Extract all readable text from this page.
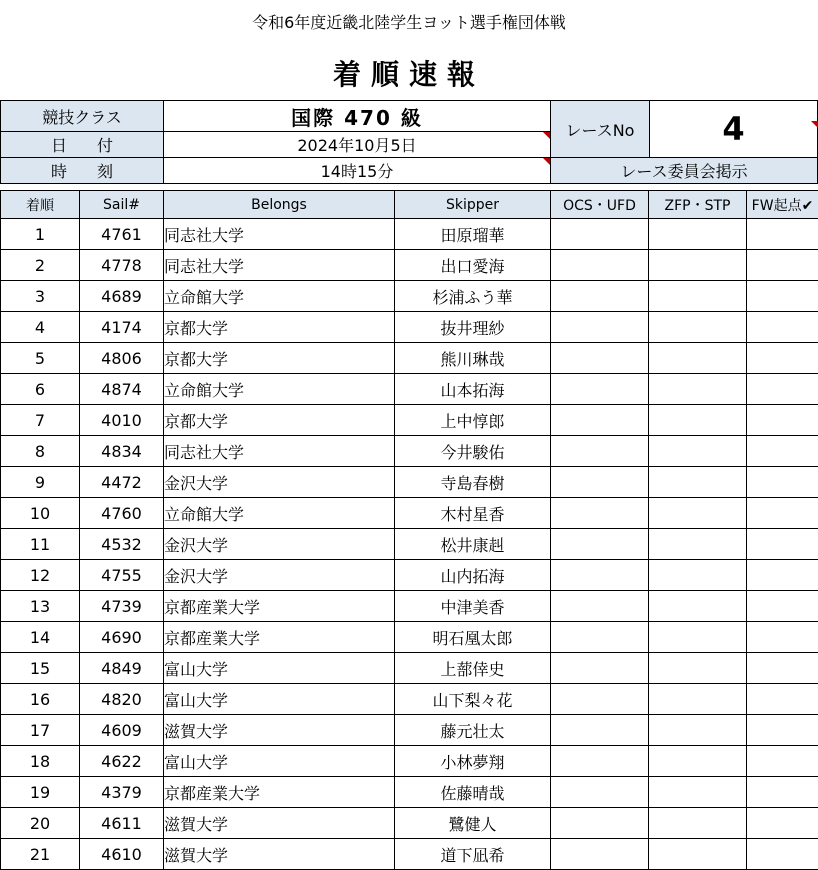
令和6年度近畿北陸学生ヨット選手権団体戦
着順速報
競技クラス	国際 470 級
日付	2024年10月5日
時刻	14時15分
レースNo	4
レース委員会掲示
着順	Sail#	Belongs	Skipper	OCS・UFD	ZFP・STP	FW起点✔
1	4761	同志社大学	田原瑠華			
2	4778	同志社大学	出口愛海			
3	4689	立命館大学	杉浦ふう華			
4	4174	京都大学	抜井理紗			
5	4806	京都大学	熊川琳哉			
6	4874	立命館大学	山本拓海			
7	4010	京都大学	上中惇郎			
8	4834	同志社大学	今井駿佑			
9	4472	金沢大学	寺島春樹			
10	4760	立命館大学	木村星香			
11	4532	金沢大学	松井康赳			
12	4755	金沢大学	山内拓海			
13	4739	京都産業大学	中津美香			
14	4690	京都産業大学	明石凰太郎			
15	4849	富山大学	上蔀倖史			
16	4820	富山大学	山下梨々花			
17	4609	滋賀大学	藤元壮太			
18	4622	富山大学	小林夢翔			
19	4379	京都産業大学	佐藤晴哉			
20	4611	滋賀大学	鷺健人			
21	4610	滋賀大学	道下凪希			
